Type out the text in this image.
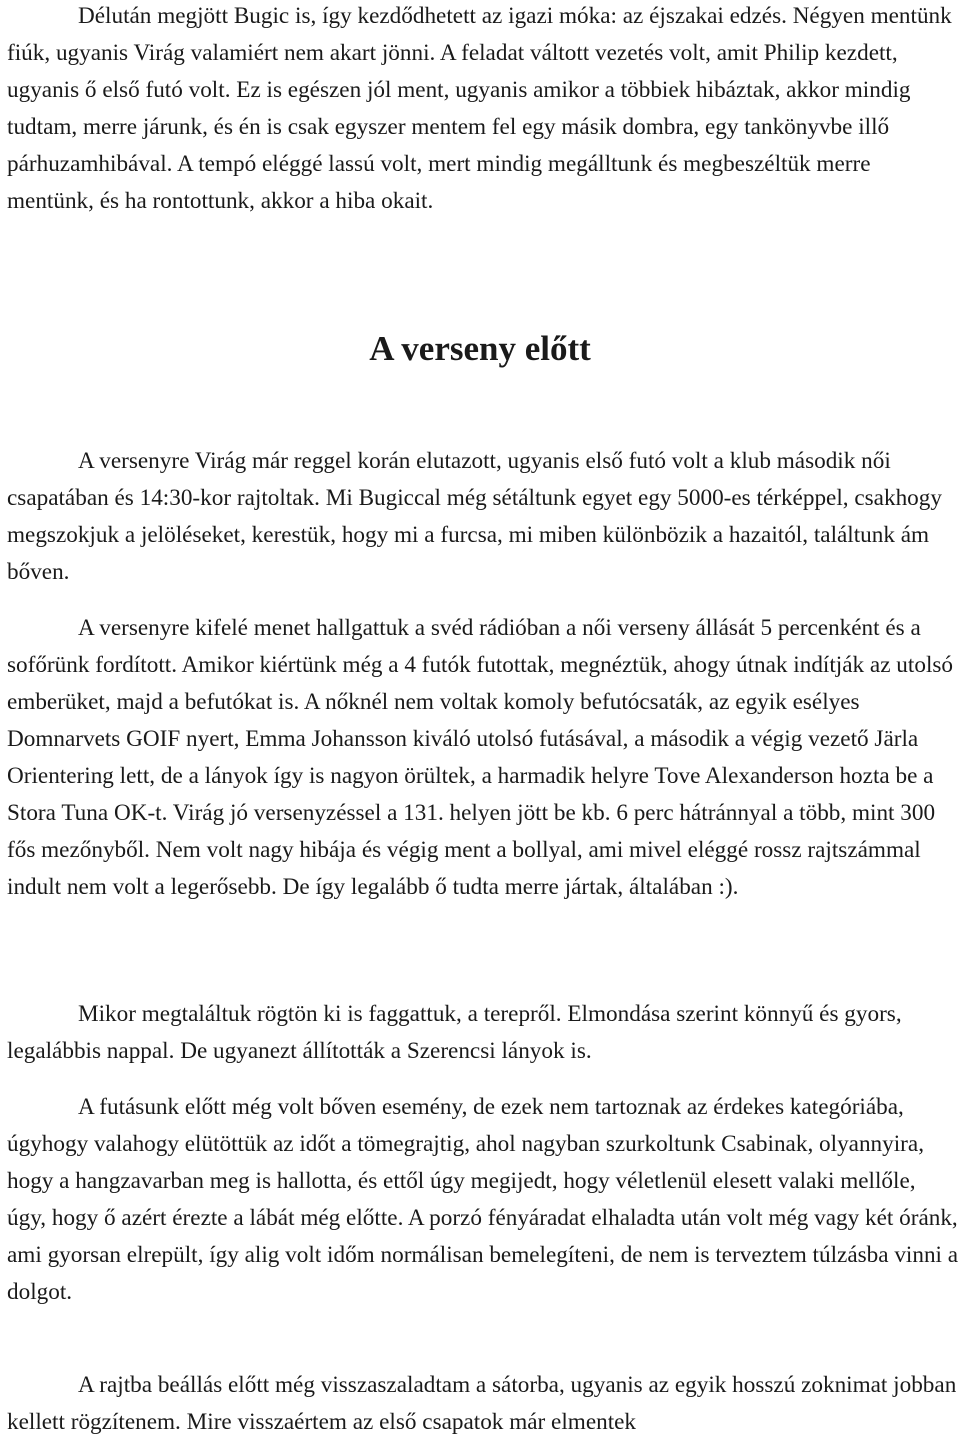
Délután megjött Bugic is, így kezdődhetett az igazi móka: az éjszakai edzés. Négyen mentünk fiúk, ugyanis Virág valamiért nem akart jönni. A feladat váltott vezetés volt, amit Philip kezdett, ugyanis ő első futó volt. Ez is egészen jól ment, ugyanis amikor a többiek hibáztak, akkor mindig tudtam, merre járunk, és én is csak egyszer mentem fel egy másik dombra, egy tankönyvbe illő párhuzamhibával. A tempó eléggé lassú volt, mert mindig megálltunk és megbeszéltük merre mentünk, és ha rontottunk, akkor a hiba okait.

A verseny előtt

A versenyre Virág már reggel korán elutazott, ugyanis első futó volt a klub második női csapatában és 14:30-kor rajtoltak. Mi Bugiccal még sétáltunk egyet egy 5000-es térképpel, csakhogy megszokjuk a jelöléseket, kerestük, hogy mi a furcsa, mi miben különbözik a hazaitól, találtunk ám bőven.

A versenyre kifelé menet hallgattuk a svéd rádióban a női verseny állását 5 percenként és a sofőrünk fordított. Amikor kiértünk még a 4 futók futottak, megnéztük, ahogy útnak indítják az utolsó emberüket, majd a befutókat is. A nőknél nem voltak komoly befutócsaták, az egyik esélyes Domnarvets GOIF nyert, Emma Johansson kiváló utolsó futásával, a második a végig vezető Järla Orientering lett, de a lányok így is nagyon örültek, a harmadik helyre Tove Alexanderson hozta be a Stora Tuna OK-t. Virág jó versenyzéssel a 131. helyen jött be kb. 6 perc hátránnyal a több, mint 300 fős mezőnyből. Nem volt nagy hibája és végig ment a bollyal, ami mivel eléggé rossz rajtszámmal indult nem volt a legerősebb. De így legalább ő tudta merre jártak, általában :).

Mikor megtaláltuk rögtön ki is faggattuk, a terepről. Elmondása szerint könnyű és gyors, legalábbis nappal. De ugyanezt állították a Szerencsi lányok is.

A futásunk előtt még volt bőven esemény, de ezek nem tartoznak az érdekes kategóriába, úgyhogy valahogy elütöttük az időt a tömegrajtig, ahol nagyban szurkoltunk Csabinak, olyannyira, hogy a hangzavarban meg is hallotta, és ettől úgy megijedt, hogy véletlenül elesett valaki mellőle, úgy, hogy ő azért érezte a lábát még előtte. A porzó fényáradat elhaladta után volt még vagy két óránk, ami gyorsan elrepült, így alig volt időm normálisan bemelegíteni, de nem is terveztem túlzásba vinni a dolgot.

A rajtba beállás előtt még visszaszaladtam a sátorba, ugyanis az egyik hosszú zoknimat jobban kellett rögzítenem. Mire visszaértem az első csapatok már elmentek
